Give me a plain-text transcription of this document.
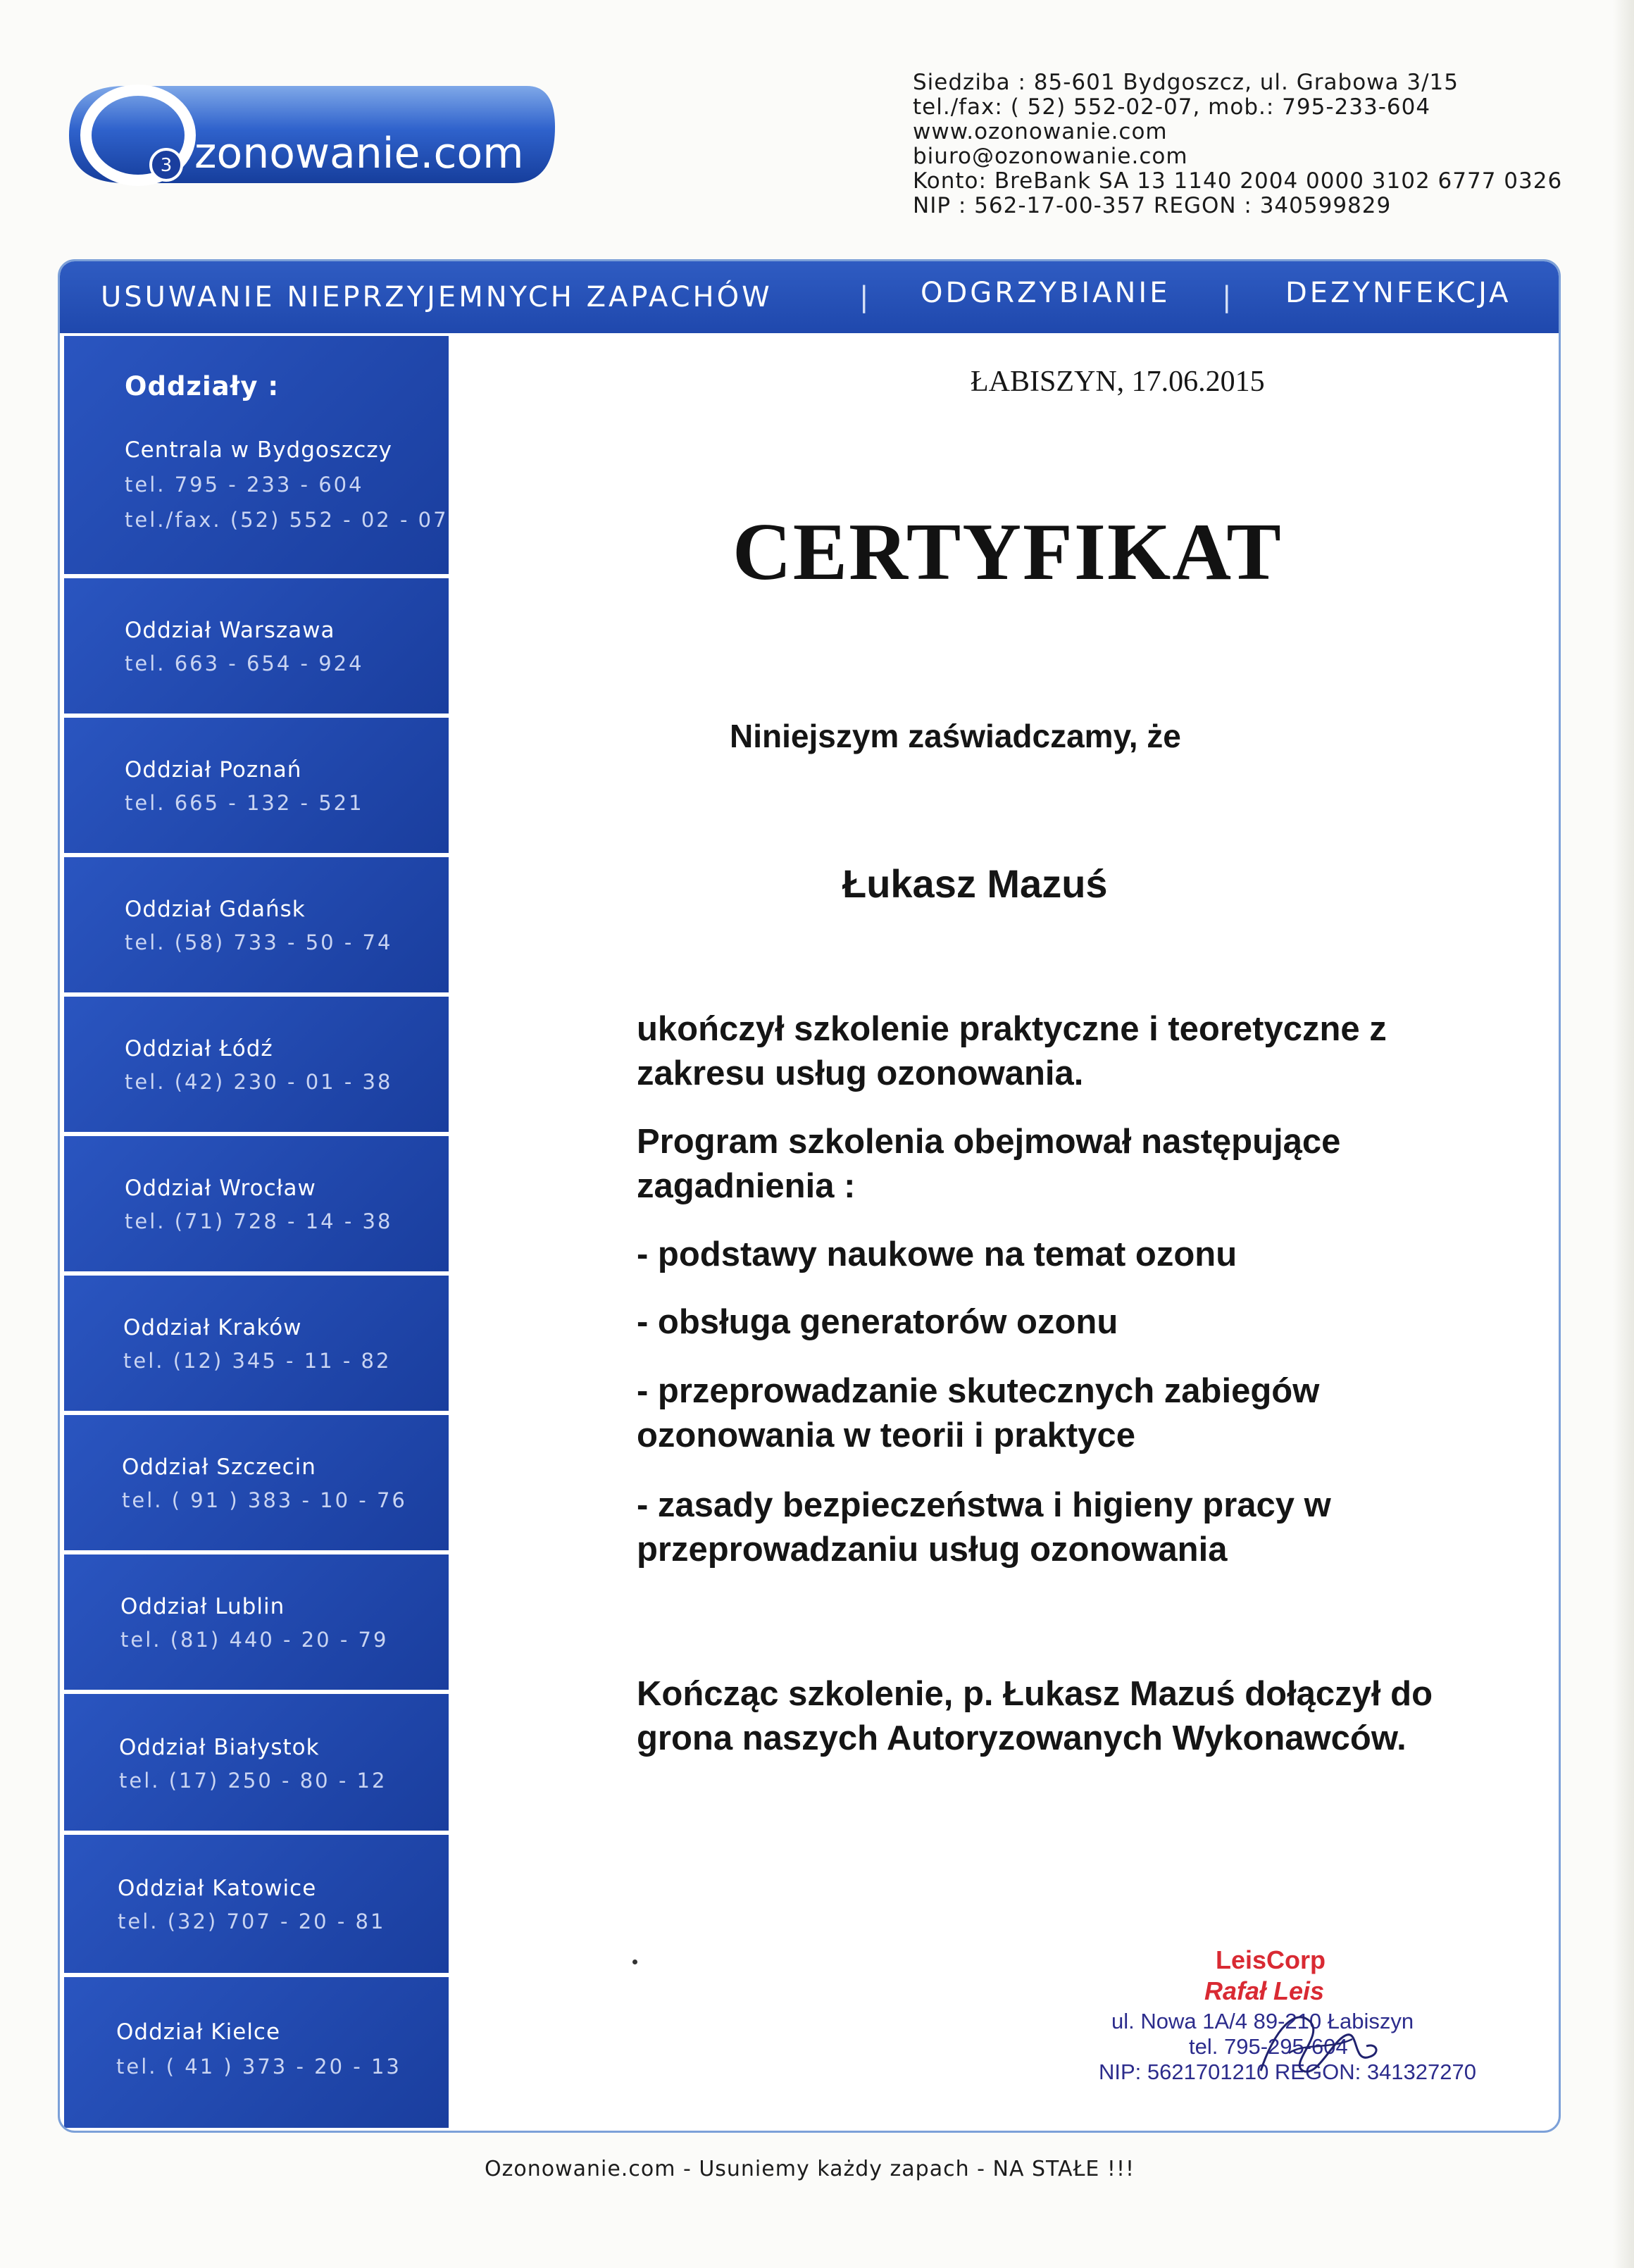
3 zonowanie.com
Siedziba : 85-601 Bydgoszcz, ul. Grabowa 3/15
tel./fax: ( 52) 552-02-07, mob.: 795-233-604
www.ozonowanie.com
biuro@ozonowanie.com
Konto: BreBank SA 13 1140 2004 0000 3102 6777 0326
NIP : 562-17-00-357 REGON : 340599829
USUWANIE NIEPRZYJEMNYCH ZAPACHÓW	| ODGRZYBIANIE | DEZYNFEKCJA
Oddziały :
Centrala w Bydgoszczy
tel. 795 - 233 - 604
tel./fax. (52) 552 - 02 - 07
Oddział Warszawa
tel. 663 - 654 - 924
Oddział Poznań
tel. 665 - 132 - 521
Oddział Gdańsk
tel. (58) 733 - 50 - 74
Oddział Łódź
tel. (42) 230 - 01 - 38
Oddział Wrocław
tel. (71) 728 - 14 - 38
Oddział Kraków
tel. (12) 345 - 11 - 82
Oddział Szczecin
tel. ( 91 ) 383 - 10 - 76
Oddział Lublin
tel. (81) 440 - 20 - 79
Oddział Białystok
tel. (17) 250 - 80 - 12
Oddział Katowice
tel. (32) 707 - 20 - 81
Oddział Kielce
tel. ( 41 ) 373 - 20 - 13
ŁABISZYN, 17.06.2015
CERTYFIKAT
Niniejszym zaświadczamy, że
Łukasz Mazuś
ukończył szkolenie praktyczne i teoretyczne z zakresu usług ozonowania.
Program szkolenia obejmował następujące zagadnienia :
- podstawy naukowe na temat ozonu
- obsługa generatorów ozonu
- przeprowadzanie skutecznych zabiegów ozonowania w teorii i praktyce
- zasady bezpieczeństwa i higieny pracy w przeprowadzaniu usług ozonowania
Kończąc szkolenie, p. Łukasz Mazuś dołączył do grona naszych Autoryzowanych Wykonawców.
LeisCorp
Rafał Leis
ul. Nowa 1A/4 89-210 Łabiszyn
tel. 795-295-604
NIP: 5621701210 REGON: 341327270
Ozonowanie.com - Usuniemy każdy zapach - NA STAŁE !!!
